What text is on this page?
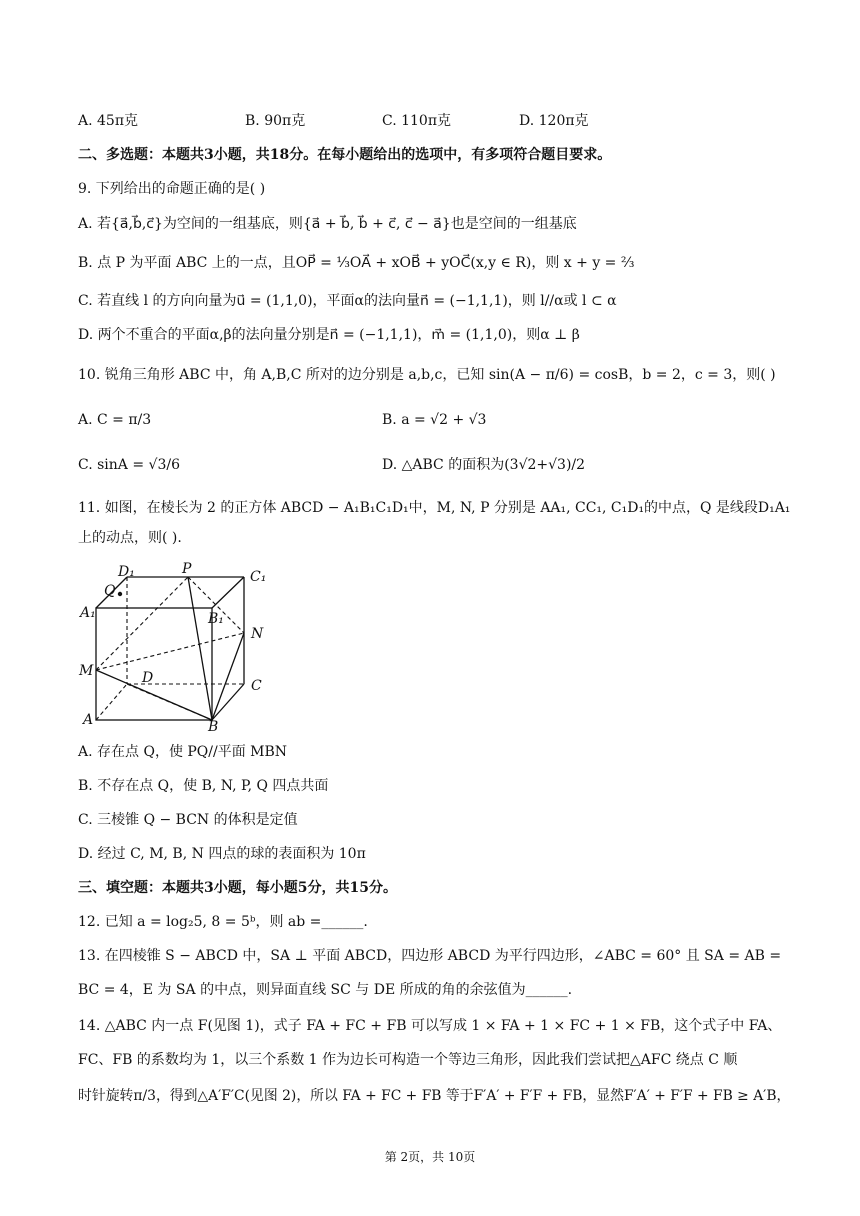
A. 45π克	B. 90π克	C. 110π克	D. 120π克
二、多选题：本题共3小题，共18分。在每小题给出的选项中，有多项符合题目要求。
9. 下列给出的命题正确的是( )
A. 若{a⃗,b⃗,c⃗}为空间的一组基底，则{a⃗ + b⃗, b⃗ + c⃗, c⃗ − a⃗}也是空间的一组基底
B. 点 P 为平面 ABC 上的一点，且OP⃗ = ⅓OA⃗ + xOB⃗ + yOC⃗(x,y ∈ R)，则 x + y = ⅔
C. 若直线 l 的方向向量为u⃗ = (1,1,0)，平面α的法向量n⃗ = (−1,1,1)，则 l//α或 l ⊂ α
D. 两个不重合的平面α,β的法向量分别是n⃗ = (−1,1,1)，m⃗ = (1,1,0)，则α ⊥ β
10. 锐角三角形 ABC 中，角 A,B,C 所对的边分别是 a,b,c，已知 sin(A − π/6) = cosB，b = 2，c = 3，则( )
A. C = π/3	B. a = √2 + √3
C. sinA = √3/6	D. △ABC 的面积为(3√2+√3)/2
11. 如图，在棱长为 2 的正方体 ABCD − A₁B₁C₁D₁中，M, N, P 分别是 AA₁, CC₁, C₁D₁的中点，Q 是线段D₁A₁
上的动点，则( ).
D₁	P	C₁
Q
A₁	B₁
N
M	D	C
A	B
A. 存在点 Q，使 PQ//平面 MBN
B. 不存在点 Q，使 B, N, P, Q 四点共面
C. 三棱锥 Q − BCN 的体积是定值
D. 经过 C, M, B, N 四点的球的表面积为 10π
三、填空题：本题共3小题，每小题5分，共15分。
12. 已知 a = log₂5, 8 = 5ᵇ，则 ab =______.
13. 在四棱锥 S − ABCD 中，SA ⊥ 平面 ABCD，四边形 ABCD 为平行四边形，∠ABC = 60° 且 SA = AB =
BC = 4，E 为 SA 的中点，则异面直线 SC 与 DE 所成的角的余弦值为______.
14. △ABC 内一点 F(见图 1)，式子 FA + FC + FB 可以写成 1 × FA + 1 × FC + 1 × FB，这个式子中 FA、
FC、FB 的系数均为 1，以三个系数 1 作为边长可构造一个等边三角形，因此我们尝试把△AFC 绕点 C 顺
时针旋转π/3，得到△A′F′C(见图 2)，所以 FA + FC + FB 等于F′A′ + F′F + FB，显然F′A′ + F′F + FB ≥ A′B，
第 2页，共 10页
